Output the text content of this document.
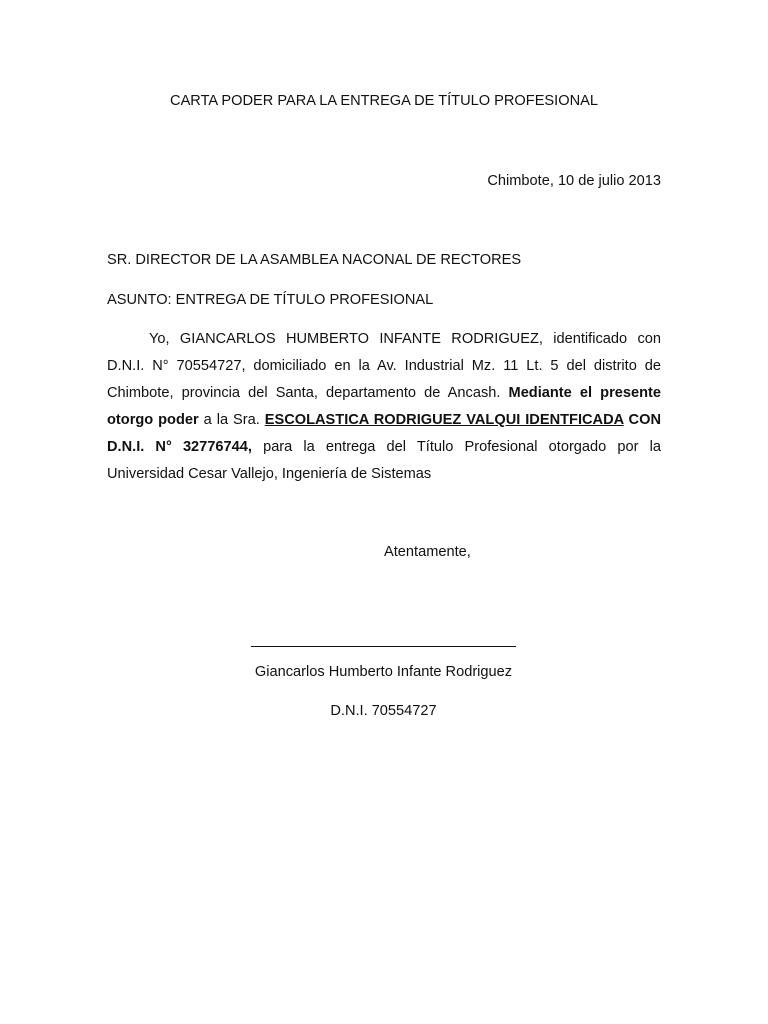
CARTA PODER PARA LA ENTREGA DE TÍTULO PROFESIONAL
Chimbote, 10 de julio 2013
SR. DIRECTOR DE LA ASAMBLEA NACONAL DE RECTORES
ASUNTO: ENTREGA DE TÍTULO PROFESIONAL

Yo, GIANCARLOS HUMBERTO INFANTE RODRIGUEZ, identificado con D.N.I. N° 70554727, domiciliado en la Av. Industrial Mz. 11 Lt. 5 del distrito de Chimbote, provincia del Santa, departamento de Ancash. Mediante el presente otorgo poder a la Sra. ESCOLASTICA RODRIGUEZ VALQUI IDENTFICADA CON D.N.I. N° 32776744, para la entrega del Título Profesional otorgado por la Universidad Cesar Vallejo, Ingeniería de Sistemas

Atentamente,
Giancarlos Humberto Infante Rodriguez
D.N.I. 70554727
